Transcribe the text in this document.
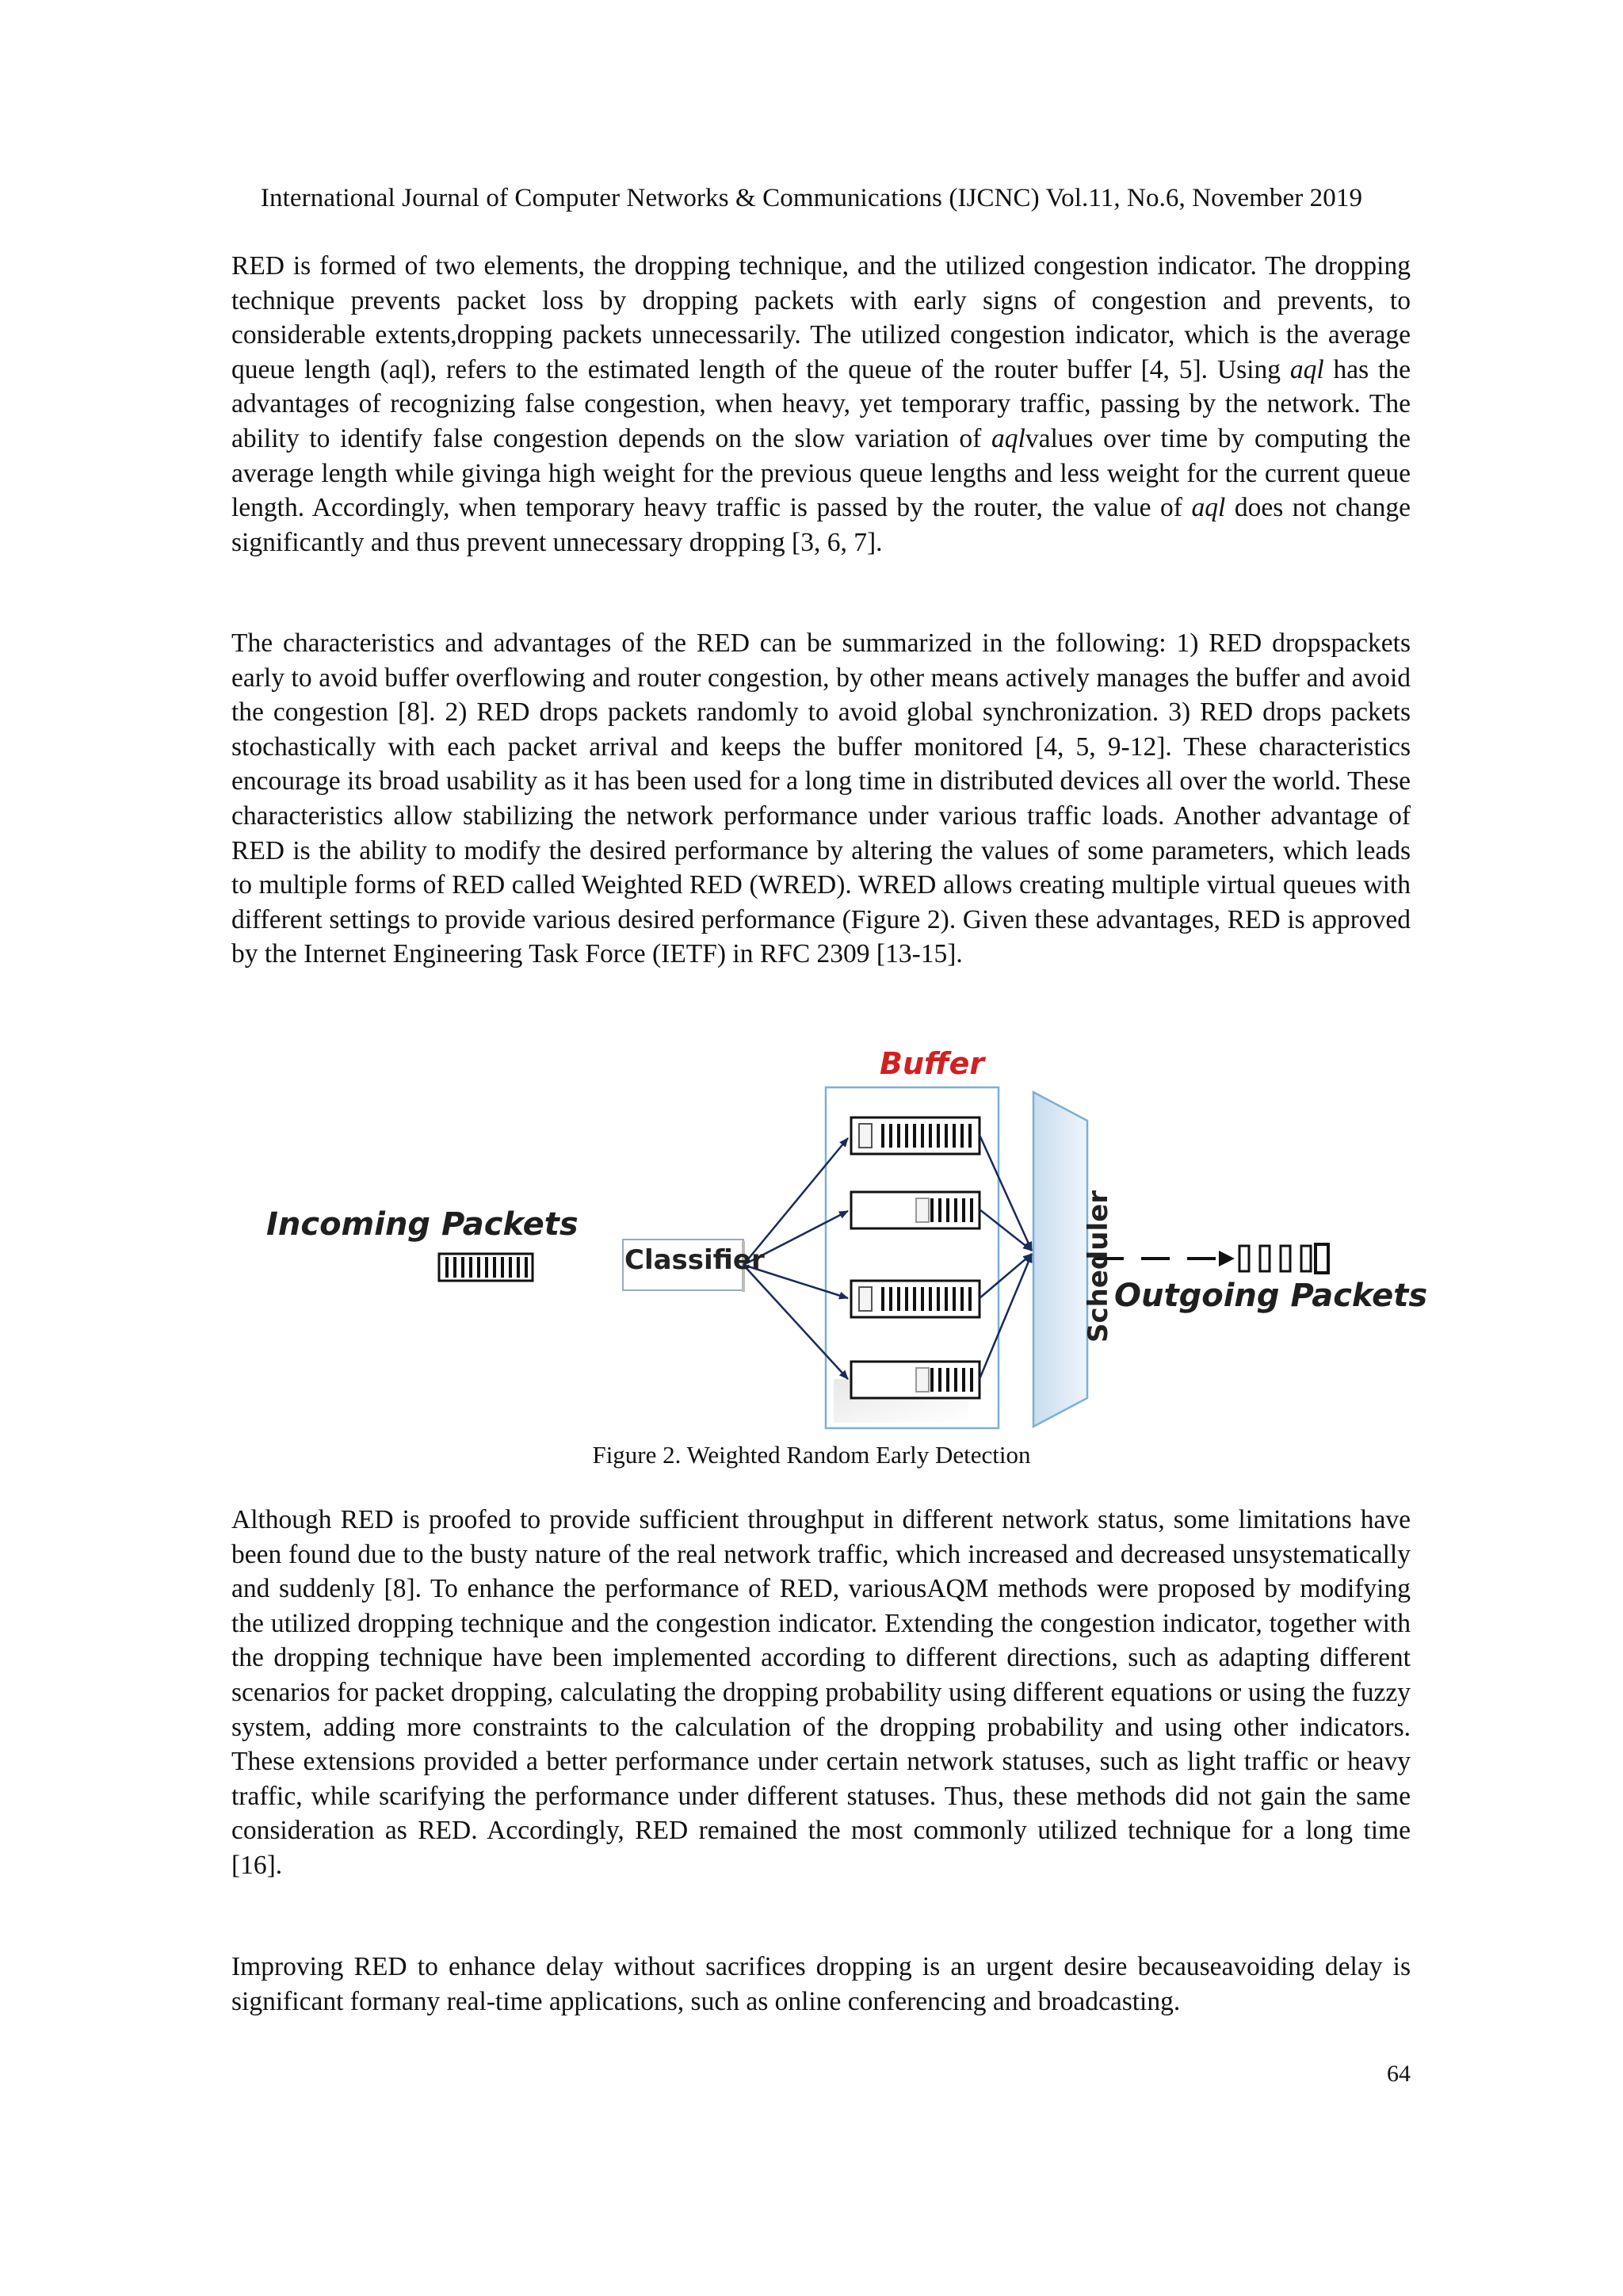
International Journal of Computer Networks & Communications (IJCNC) Vol.11, No.6, November 2019

RED is formed of two elements, the dropping technique, and the utilized congestion indicator. The dropping technique prevents packet loss by dropping packets with early signs of congestion and prevents, to considerable extents,dropping packets unnecessarily. The utilized congestion indicator, which is the average queue length (aql), refers to the estimated length of the queue of the router buffer [4, 5]. Using aql has the advantages of recognizing false congestion, when heavy, yet temporary traffic, passing by the network. The ability to identify false congestion depends on the slow variation of aqlvalues over time by computing the average length while givinga high weight for the previous queue lengths and less weight for the current queue length. Accordingly, when temporary heavy traffic is passed by the router, the value of aql does not change significantly and thus prevent unnecessary dropping [3, 6, 7].

The characteristics and advantages of the RED can be summarized in the following: 1) RED dropspackets early to avoid buffer overflowing and router congestion, by other means actively manages the buffer and avoid the congestion [8]. 2) RED drops packets randomly to avoid global synchronization. 3) RED drops packets stochastically with each packet arrival and keeps the buffer monitored [4, 5, 9-12]. These characteristics encourage its broad usability as it has been used for a long time in distributed devices all over the world. These characteristics allow stabilizing the network performance under various traffic loads. Another advantage of RED is the ability to modify the desired performance by altering the values of some parameters, which leads to multiple forms of RED called Weighted RED (WRED). WRED allows creating multiple virtual queues with different settings to provide various desired performance (Figure 2). Given these advantages, RED is approved by the Internet Engineering Task Force (IETF) in RFC 2309 [13-15].

Buffer
Incoming Packets
Classifier	Scheduler Outgoing Packets
Figure 2. Weighted Random Early Detection

Although RED is proofed to provide sufficient throughput in different network status, some limitations have been found due to the busty nature of the real network traffic, which increased and decreased unsystematically and suddenly [8]. To enhance the performance of RED, variousAQM methods were proposed by modifying the utilized dropping technique and the congestion indicator. Extending the congestion indicator, together with the dropping technique have been implemented according to different directions, such as adapting different scenarios for packet dropping, calculating the dropping probability using different equations or using the fuzzy system, adding more constraints to the calculation of the dropping probability and using other indicators. These extensions provided a better performance under certain network statuses, such as light traffic or heavy traffic, while scarifying the performance under different statuses. Thus, these methods did not gain the same consideration as RED. Accordingly, RED remained the most commonly utilized technique for a long time [16].

Improving RED to enhance delay without sacrifices dropping is an urgent desire becauseavoiding delay is significant formany real-time applications, such as online conferencing and broadcasting.

64
